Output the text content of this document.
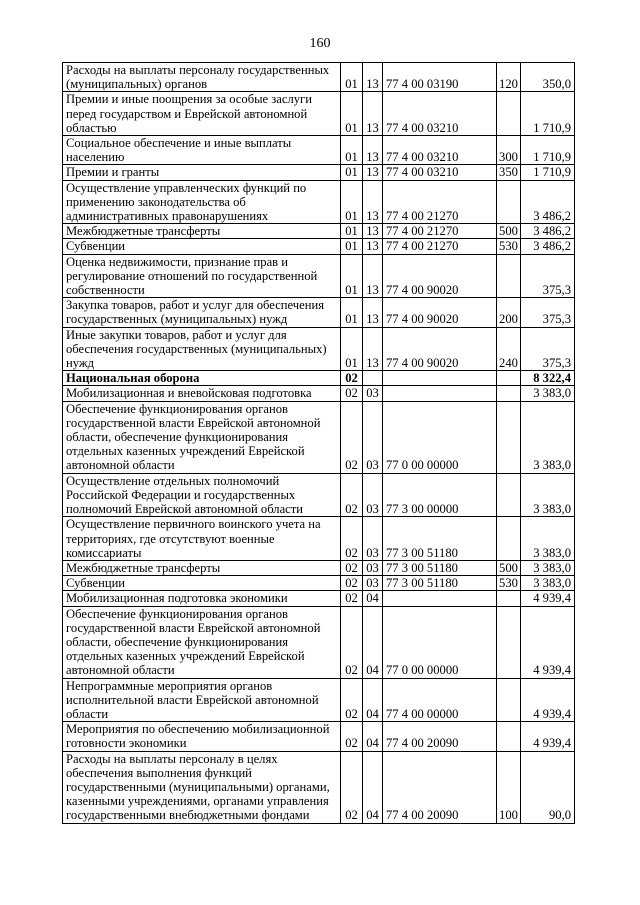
160
Расходы на выплаты персоналу государственных (муниципальных) органов	01	13	77 4 00 03190	120	350,0
Премии и иные поощрения за особые заслуги перед государством и Еврейской автономной областью	01	13	77 4 00 03210		1 710,9
Социальное обеспечение и иные выплаты населению	01	13	77 4 00 03210	300	1 710,9
Премии и гранты	01	13	77 4 00 03210	350	1 710,9
Осуществление управленческих функций по применению законодательства об административных правонарушениях	01	13	77 4 00 21270		3 486,2
Межбюджетные трансферты	01	13	77 4 00 21270	500	3 486,2
Субвенции	01	13	77 4 00 21270	530	3 486,2
Оценка недвижимости, признание прав и регулирование отношений по государственной собственности	01	13	77 4 00 90020		375,3
Закупка товаров, работ и услуг для обеспечения государственных (муниципальных) нужд	01	13	77 4 00 90020	200	375,3
Иные закупки товаров, работ и услуг для обеспечения государственных (муниципальных) нужд	01	13	77 4 00 90020	240	375,3
Национальная оборона	02				8 322,4
Мобилизационная и вневойсковая подготовка	02	03			3 383,0
Обеспечение функционирования органов государственной власти Еврейской автономной области, обеспечение функционирования отдельных казенных учреждений Еврейской автономной области	02	03	77 0 00 00000		3 383,0
Осуществление отдельных полномочий Российской Федерации и государственных полномочий Еврейской автономной области	02	03	77 3 00 00000		3 383,0
Осуществление первичного воинского учета на территориях, где отсутствуют военные комиссариаты	02	03	77 3 00 51180		3 383,0
Межбюджетные трансферты	02	03	77 3 00 51180	500	3 383,0
Субвенции	02	03	77 3 00 51180	530	3 383,0
Мобилизационная подготовка экономики	02	04			4 939,4
Обеспечение функционирования органов государственной власти Еврейской автономной области, обеспечение функционирования отдельных казенных учреждений Еврейской автономной области	02	04	77 0 00 00000		4 939,4
Непрограммные мероприятия органов исполнительной власти Еврейской автономной области	02	04	77 4 00 00000		4 939,4
Мероприятия по обеспечению мобилизационной готовности экономики	02	04	77 4 00 20090		4 939,4
Расходы на выплаты персоналу в целях обеспечения выполнения функций государственными (муниципальными) органами, казенными учреждениями, органами управления государственными внебюджетными фондами	02	04	77 4 00 20090	100	90,0
